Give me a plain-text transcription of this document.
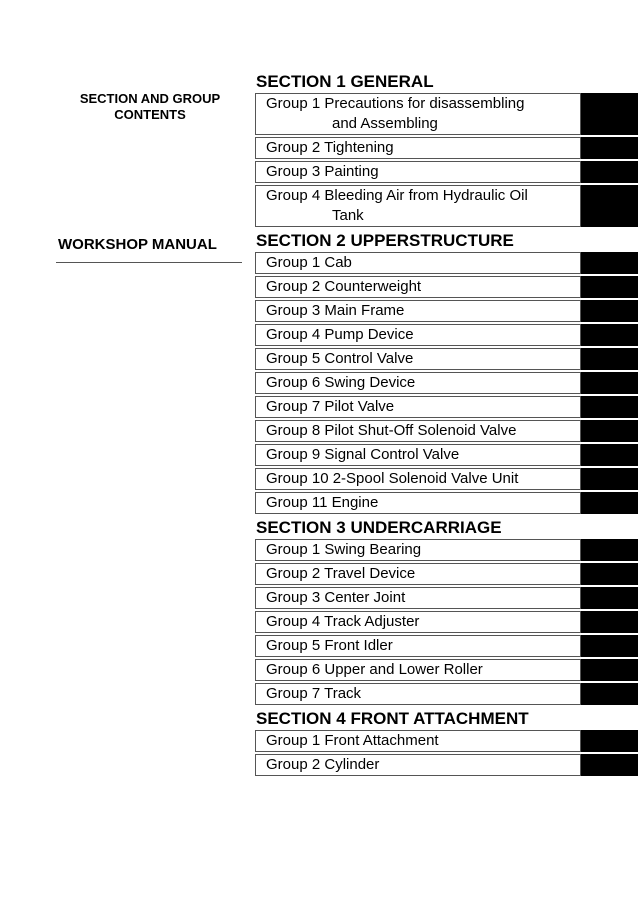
SECTION AND GROUP
CONTENTS
WORKSHOP MANUAL
SECTION 1 GENERAL
Group 1 Precautions for disassembling
and Assembling
Group 2 Tightening
Group 3 Painting
Group 4 Bleeding Air from Hydraulic Oil
Tank
SECTION 2 UPPERSTRUCTURE
Group 1 Cab
Group 2 Counterweight
Group 3 Main Frame
Group 4 Pump Device
Group 5 Control Valve
Group 6 Swing Device
Group 7 Pilot Valve
Group 8 Pilot Shut-Off Solenoid Valve
Group 9 Signal Control Valve
Group 10 2-Spool Solenoid Valve Unit
Group 11 Engine
SECTION 3 UNDERCARRIAGE
Group 1 Swing Bearing
Group 2 Travel Device
Group 3 Center Joint
Group 4 Track Adjuster
Group 5 Front Idler
Group 6 Upper and Lower Roller
Group 7 Track
SECTION 4 FRONT ATTACHMENT
Group 1 Front Attachment
Group 2 Cylinder
